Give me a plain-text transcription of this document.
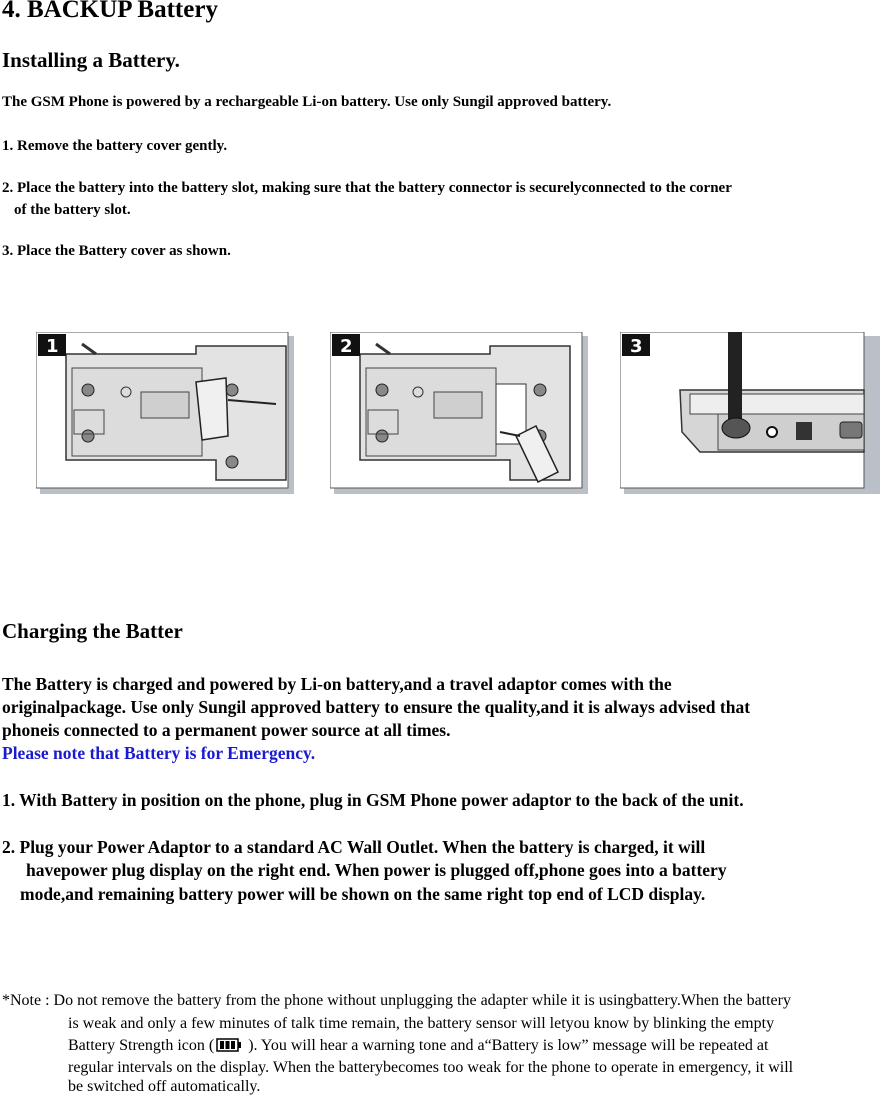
4. BACKUP Battery
Installing a Battery.
The GSM Phone is powered by a rechargeable Li-on battery. Use only Sungil approved battery.
1. Remove the battery cover gently.
2. Place the battery into the battery slot, making sure that the battery connector is securelyconnected to the corner
of the battery slot.
3. Place the Battery cover as shown.
1	2	3
Charging the Batter
The Battery is charged and powered by Li-on battery,and a travel adaptor comes with the
originalpackage. Use only Sungil approved battery to ensure the quality,and it is always advised that
phoneis connected to a permanent power source at all times.
Please note that Battery is for Emergency.
1. With Battery in position on the phone, plug in GSM Phone power adaptor to the back of the unit.
2. Plug your Power Adaptor to a standard AC Wall Outlet. When the battery is charged, it will
havepower plug display on the right end. When power is plugged off,phone goes into a battery
mode,and remaining battery power will be shown on the same right top end of LCD display.
*Note : Do not remove the battery from the phone without unplugging the adapter while it is usingbattery.When the battery
is weak and only a few minutes of talk time remain, the battery sensor will letyou know by blinking the empty
Battery Strength icon ( ). You will hear a warning tone and a“Battery is low” message will be repeated at
regular intervals on the display. When the batterybecomes too weak for the phone to operate in emergency, it will
be switched off automatically.
